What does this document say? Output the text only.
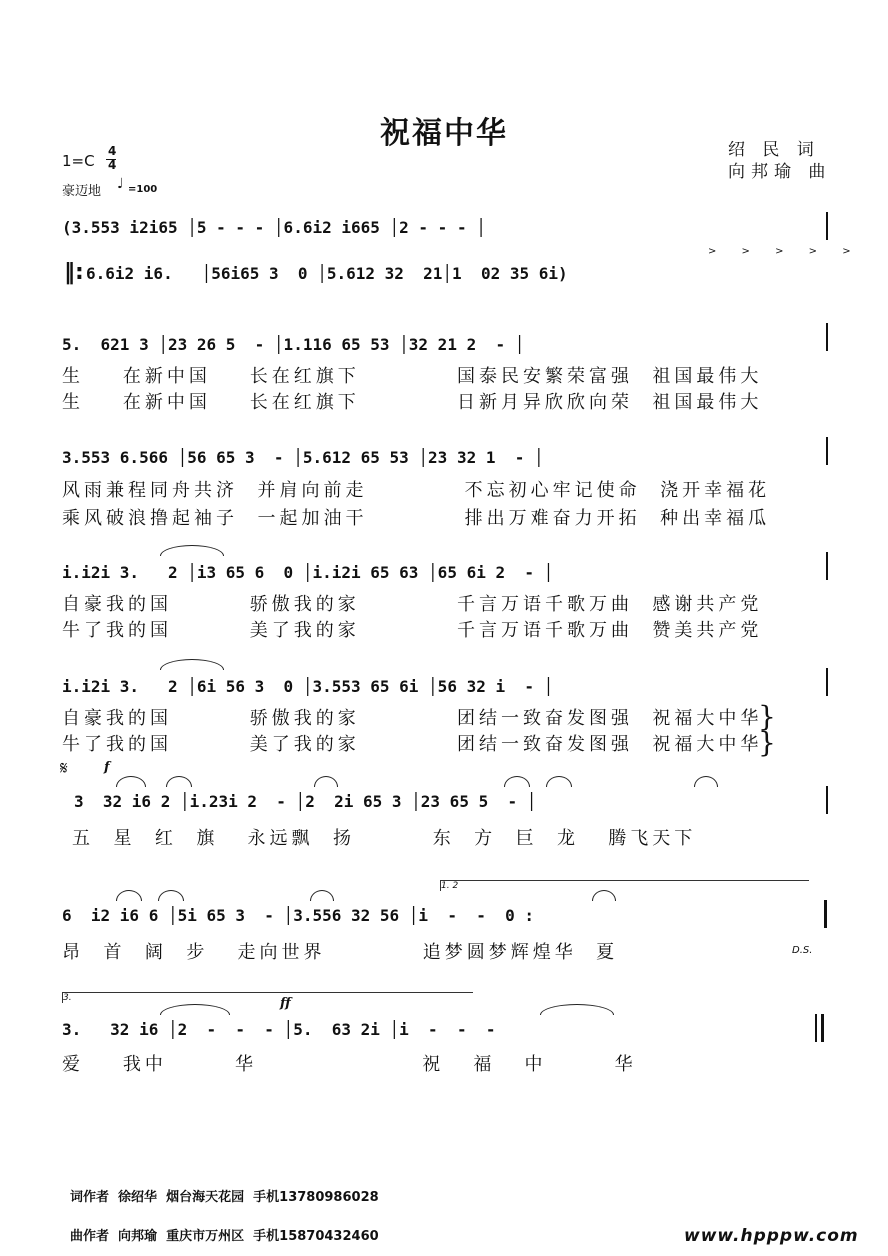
祝福中华
1=C
4
4
豪迈地 ♩ =100
绍 民 词
向邦瑜 曲
(3.553 i2i65 │5 - - - │6.6i2 i665 │2 - - - │
‖: 6.6i2 i6.   │56i65 3  0 │5.612 32  21│1  02 35 6i)
> > > > >
5.  621 3 │23 26 5  - │1.116 65 53 │32 21 2  - │
生    在新中国    长在红旗下          国泰民安繁荣富强  祖国最伟大
生    在新中国    长在红旗下          日新月异欣欣向荣  祖国最伟大
3.553 6.566 │56 65 3  - │5.612 65 53 │23 32 1  - │
风雨兼程同舟共济  并肩向前走          不忘初心牢记使命  浇开幸福花
乘风破浪撸起袖子  一起加油干          排出万难奋力开拓  种出幸福瓜
i.i2i 3.   2 │i3 65 6  0 │i.i2i 65 63 │65 6i 2  - │
自豪我的国        骄傲我的家          千言万语千歌万曲  感谢共产党
牛了我的国        美了我的家          千言万语千歌万曲  赞美共产党
i.i2i 3.   2 │6i 56 3  0 │3.553 65 6i │56 32 i  - │
自豪我的国        骄傲我的家          团结一致奋发图强  祝福大中华
牛了我的国        美了我的家          团结一致奋发图强  祝福大中华
}
}
𝄋	f
3  32 i6 2 │i.23i 2  - │2  2i 65 3 │23 65 5  - │
五  星  红  旗   永远飘  扬        东  方  巨  龙   腾飞天下
1. 2
6  i2 i6 6 │5i 65 3  - │3.556 32 56 │i  -  -  0 :
昂  首  阔  步   走向世界          追梦圆梦辉煌华  夏	D.S.
3.	ff
3.   32 i6 │2  -  -  - │5.  63 2i │i  -  -  -
爱    我中       华                 祝   福   中       华
词作者  徐绍华  烟台海天花园  手机13780986028
曲作者  向邦瑜  重庆市万州区  手机15870432460	www.hpppw.com
